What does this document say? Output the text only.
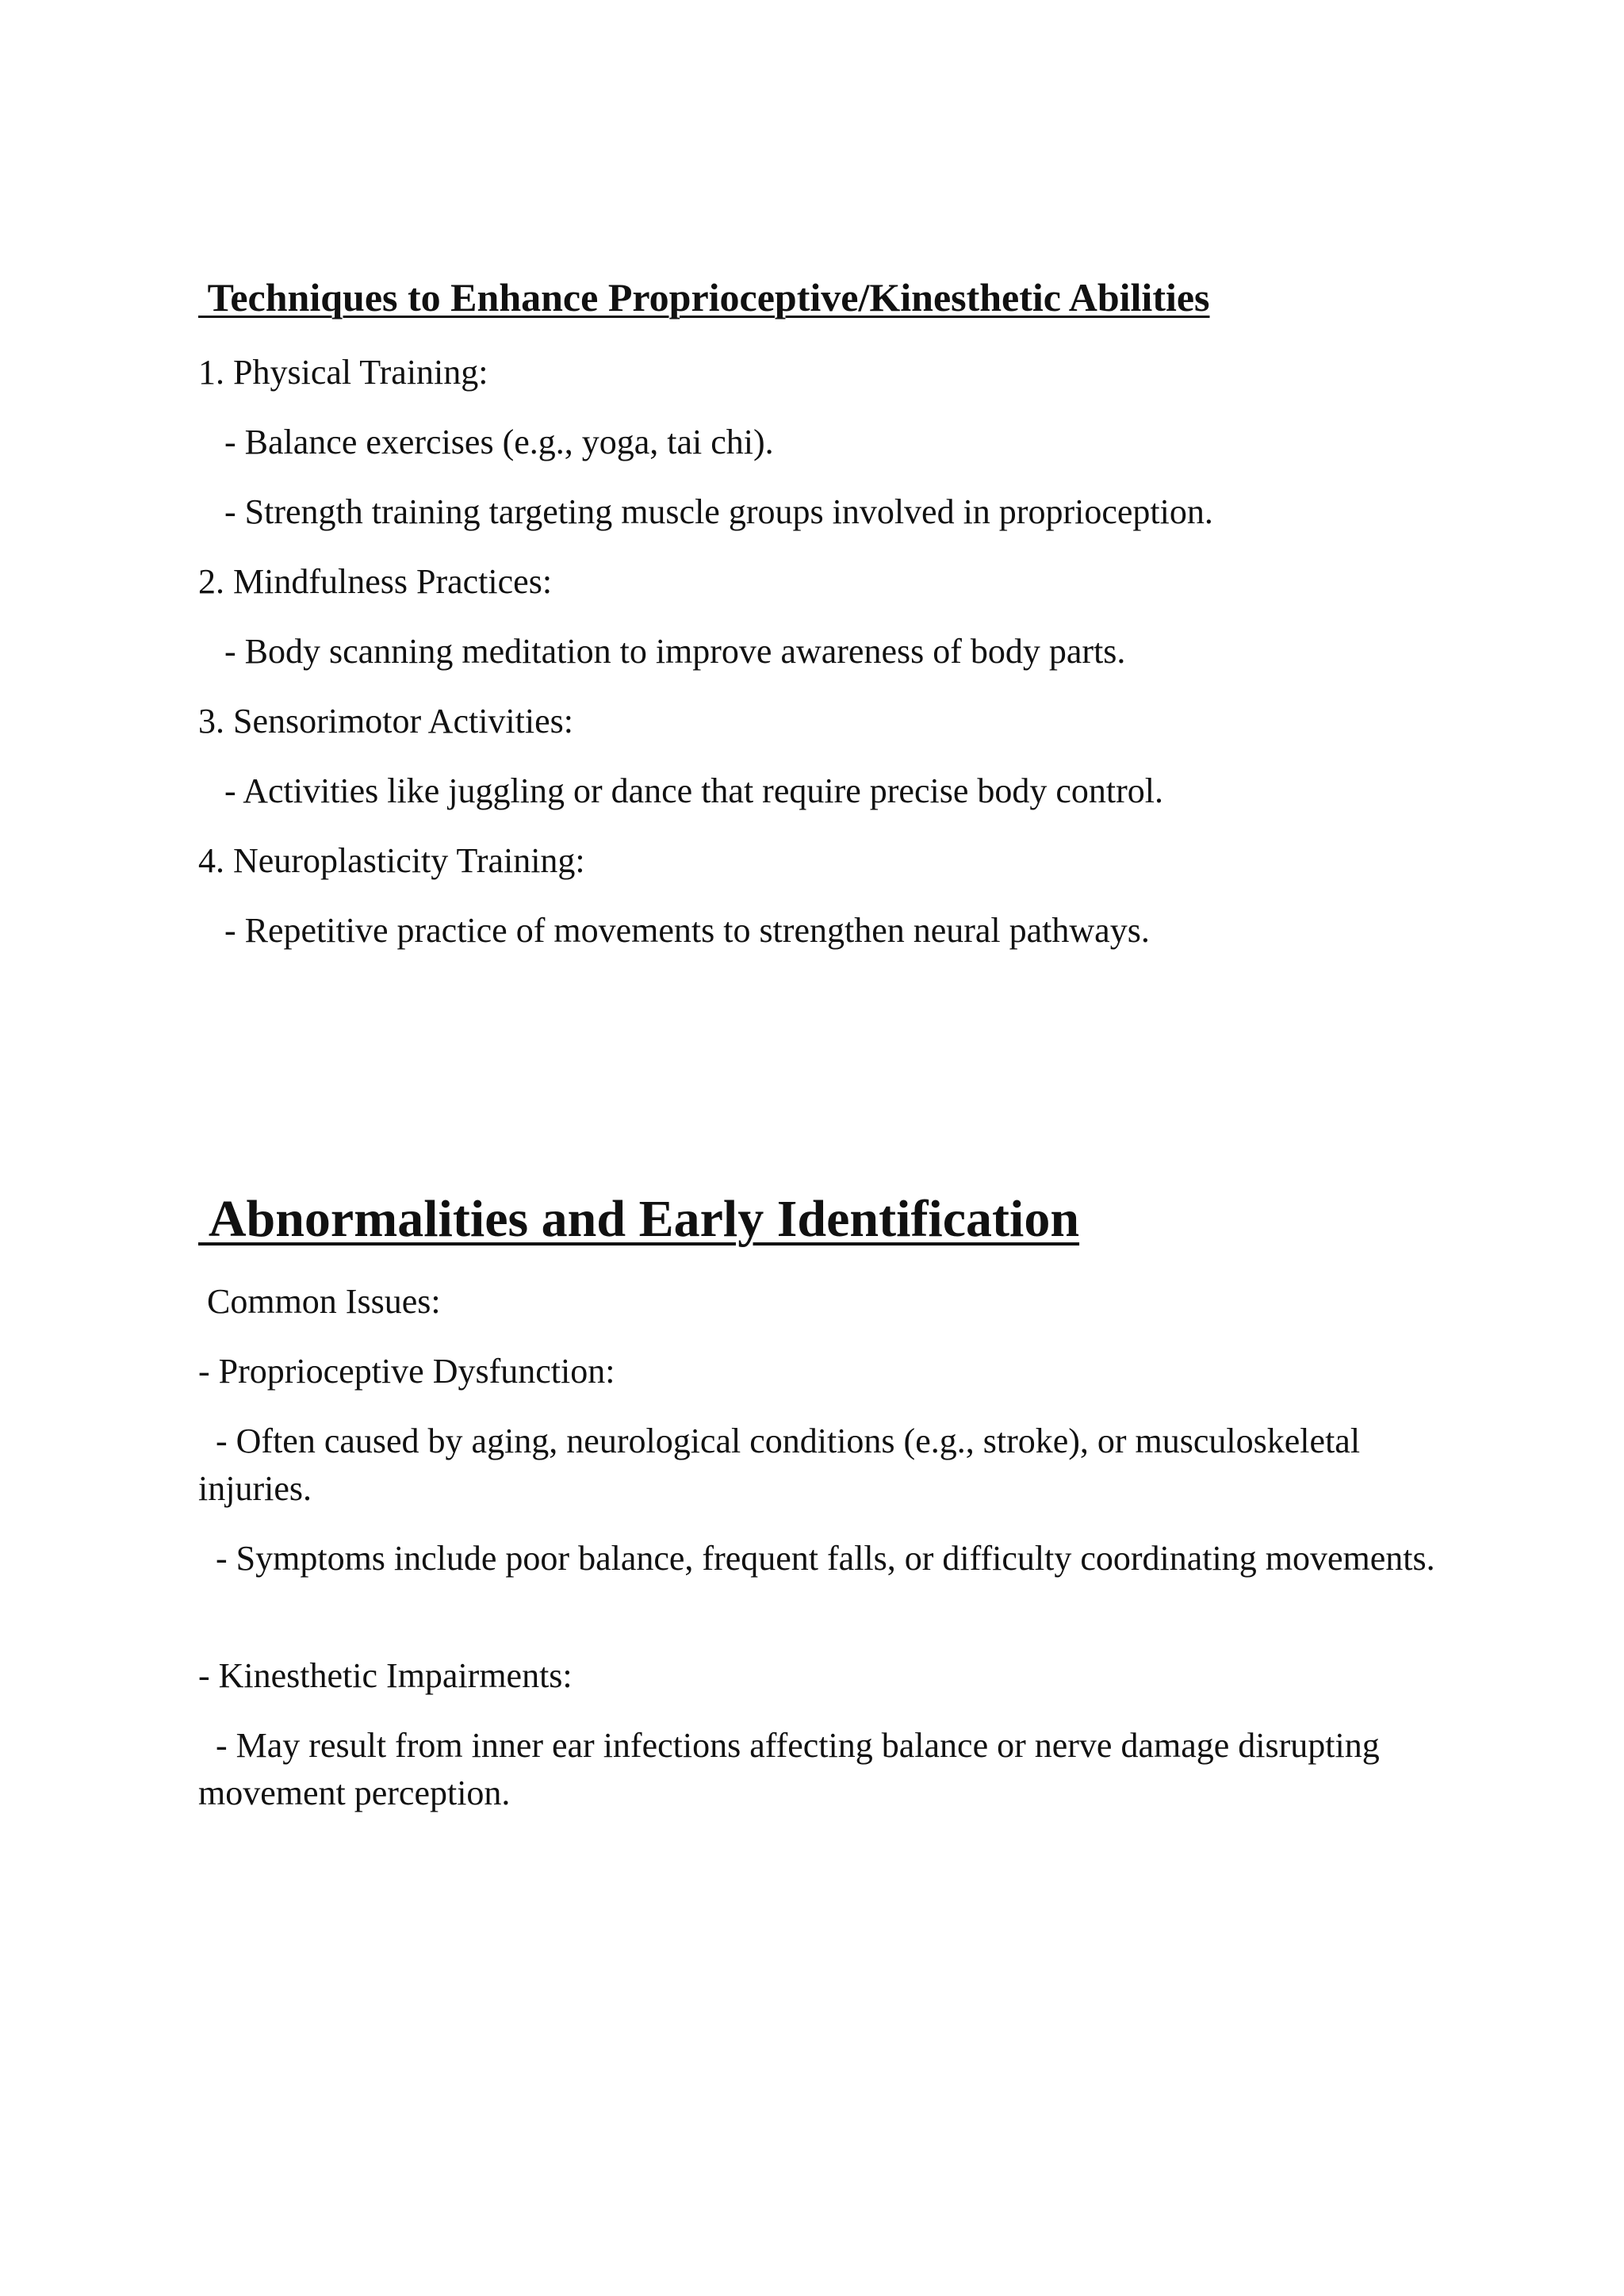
Techniques to Enhance Proprioceptive/Kinesthetic Abilities
1. Physical Training:
- Balance exercises (e.g., yoga, tai chi).
- Strength training targeting muscle groups involved in proprioception.
2. Mindfulness Practices:
- Body scanning meditation to improve awareness of body parts.
3. Sensorimotor Activities:
- Activities like juggling or dance that require precise body control.
4. Neuroplasticity Training:
- Repetitive practice of movements to strengthen neural pathways.
Abnormalities and Early Identification
Common Issues:
- Proprioceptive Dysfunction:
- Often caused by aging, neurological conditions (e.g., stroke), or musculoskeletal injuries.
- Symptoms include poor balance, frequent falls, or difficulty coordinating movements.
- Kinesthetic Impairments:
- May result from inner ear infections affecting balance or nerve damage disrupting movement perception.
